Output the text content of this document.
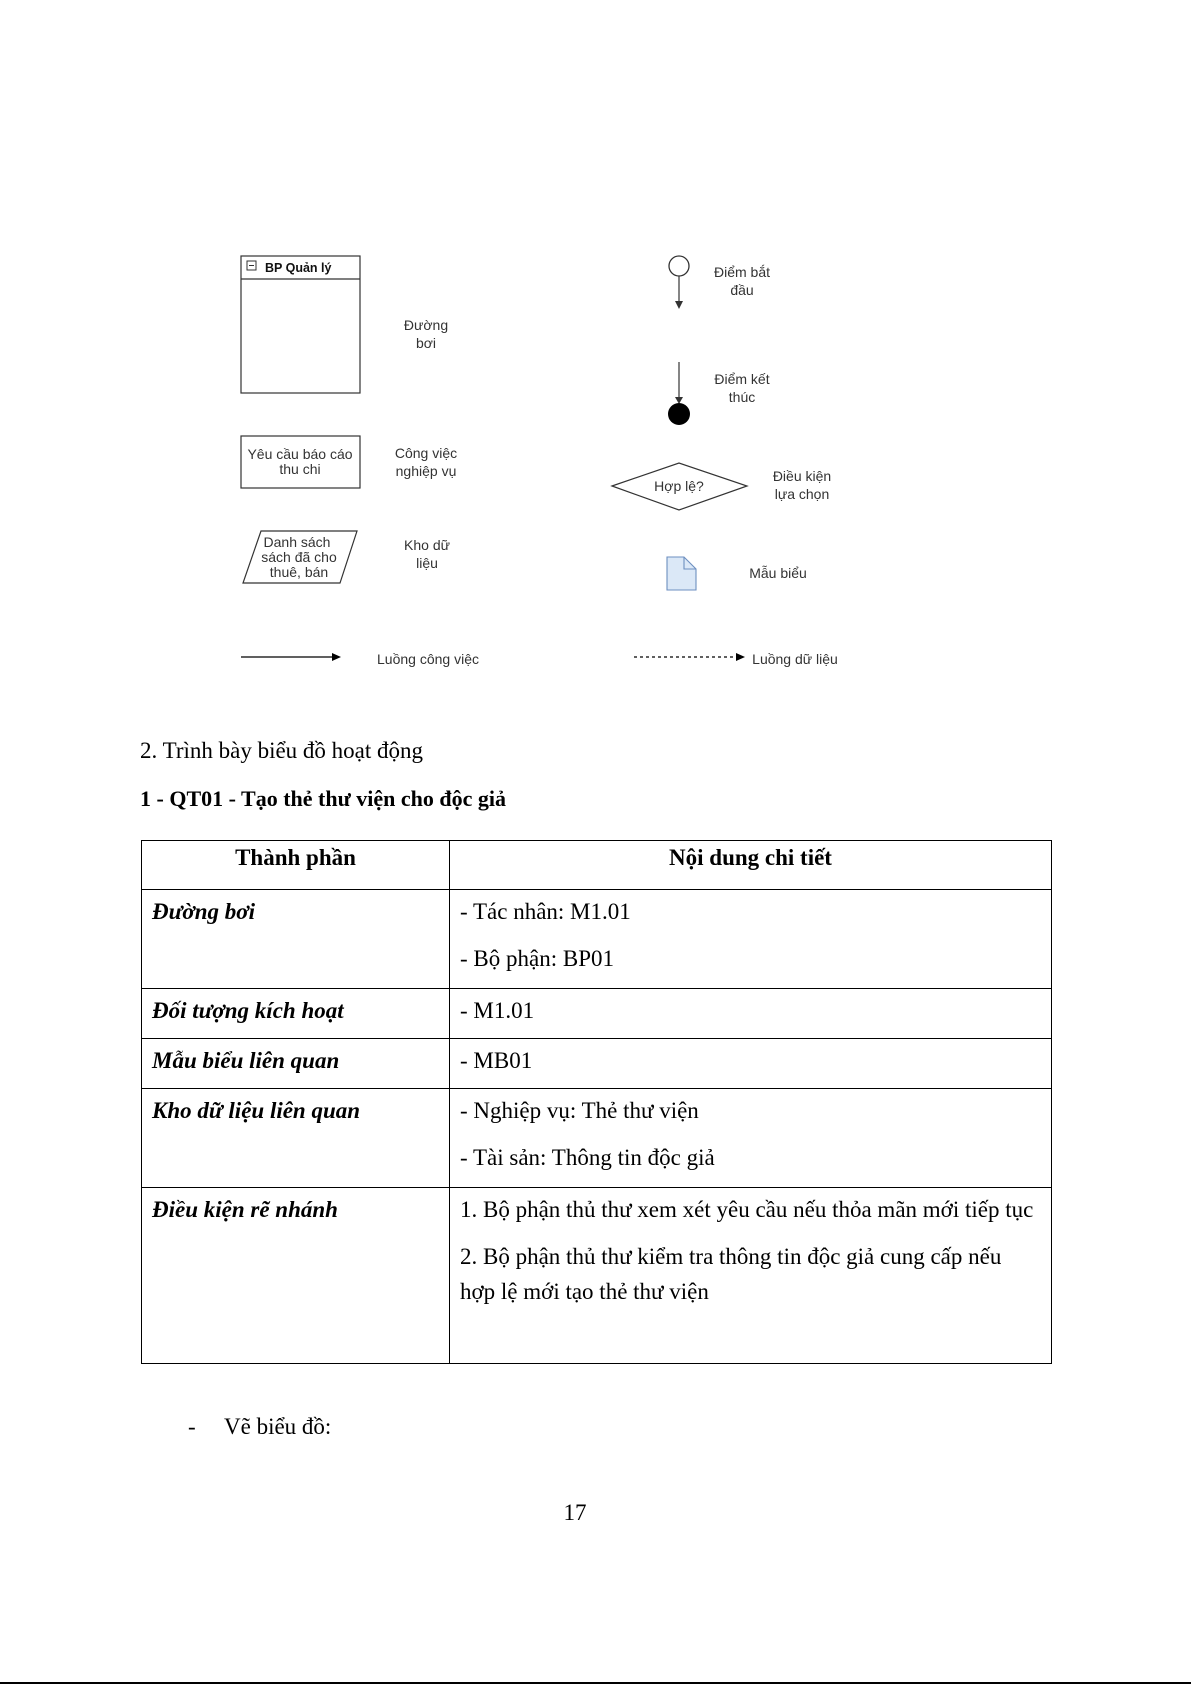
BP Quản lý
Đường
bơi
Yêu cầu báo cáo
thu chi
Công việc
nghiệp vụ
Danh sách
sách đã cho
thuê, bán
Kho dữ
liệu
Điểm bắt
đầu
Điểm kết
thúc
Hợp lệ?
Điều kiện
lựa chọn
Mẫu biểu
Luồng công việc	Luồng dữ liệu
2. Trình bày biểu đồ hoạt động
1 - QT01 - Tạo thẻ thư viện cho độc giả
Thành phần	Nội dung chi tiết

Đường bơi	- Tác nhân: M1.01

- Bộ phận: BP01

Đối tượng kích hoạt	- M1.01

Mẫu biểu liên quan	- MB01

Kho dữ liệu liên quan	- Nghiệp vụ: Thẻ thư viện

- Tài sản: Thông tin độc giả

Điều kiện rẽ nhánh	1. Bộ phận thủ thư xem xét yêu cầu nếu thỏa mãn mới tiếp tục

2. Bộ phận thủ thư kiểm tra thông tin độc giả cung cấp nếu hợp lệ mới tạo thẻ thư viện

- Vẽ biểu đồ:
17
